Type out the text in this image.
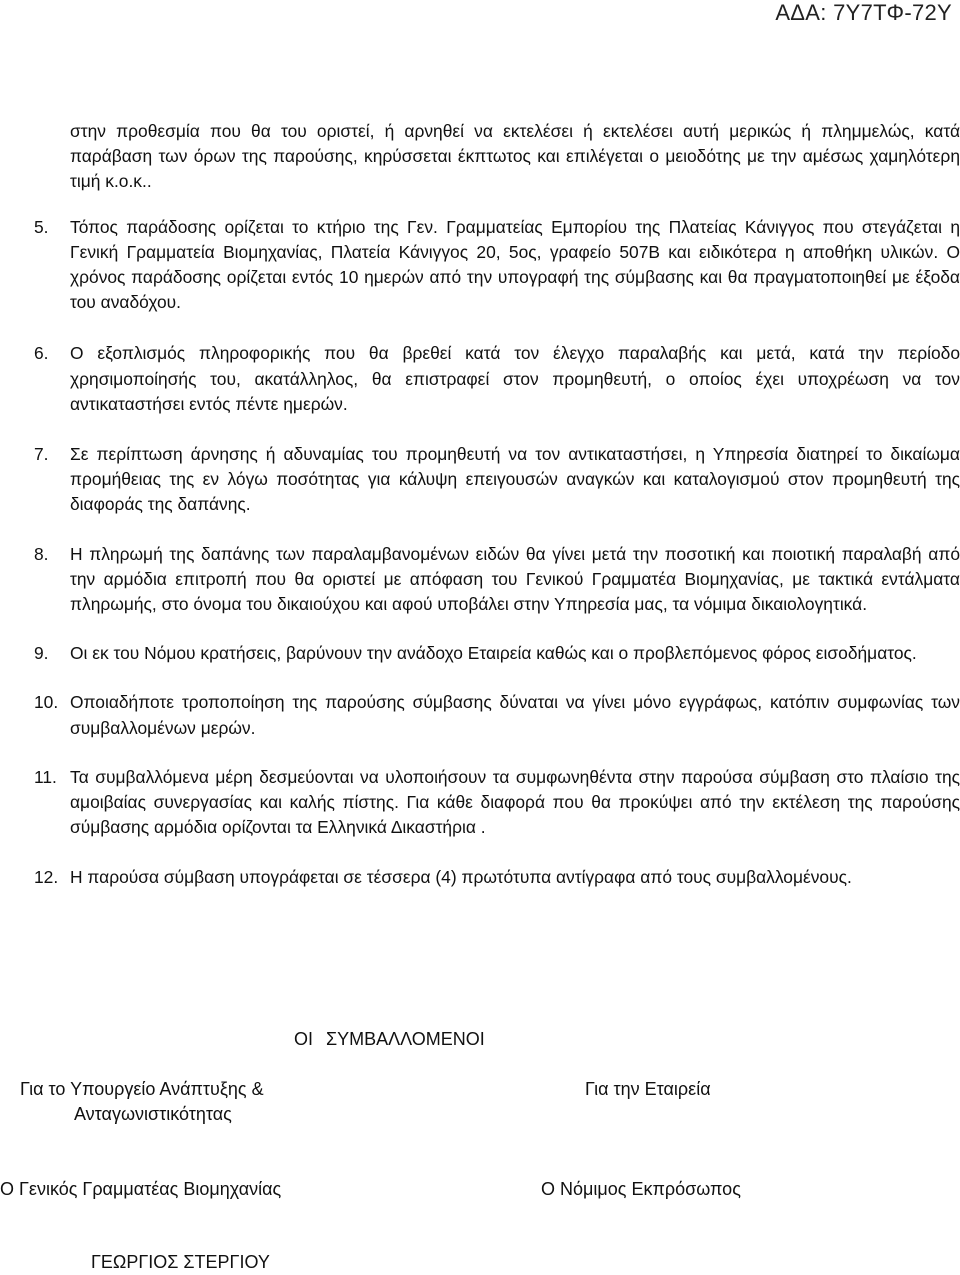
ΑΔΑ: 7Υ7ΤΦ-72Υ

στην προθεσμία που θα του οριστεί, ή αρνηθεί να εκτελέσει ή εκτελέσει αυτή μερικώς ή πλημμελώς, κατά παράβαση των όρων της παρούσης, κηρύσσεται έκπτωτος και επιλέγεται ο μειοδότης με την αμέσως χαμηλότερη τιμή κ.ο.κ..

5. Τόπος παράδοσης ορίζεται το κτήριο της Γεν. Γραμματείας Εμπορίου της Πλατείας Κάνιγγος που στεγάζεται η Γενική Γραμματεία Βιομηχανίας, Πλατεία Κάνιγγος 20, 5ος, γραφείο 507Β και ειδικότερα η αποθήκη υλικών. Ο χρόνος παράδοσης ορίζεται εντός 10 ημερών από την υπογραφή της σύμβασης και θα πραγματοποιηθεί με έξοδα του αναδόχου.
6. Ο εξοπλισμός πληροφορικής που θα βρεθεί κατά τον έλεγχο παραλαβής και μετά, κατά την περίοδο χρησιμοποίησής του, ακατάλληλος, θα επιστραφεί στον προμηθευτή, ο οποίος έχει υποχρέωση να τον αντικαταστήσει εντός πέντε ημερών.
7. Σε περίπτωση άρνησης ή αδυναμίας του προμηθευτή να τον αντικαταστήσει, η Υπηρεσία διατηρεί το δικαίωμα προμήθειας της εν λόγω ποσότητας για κάλυψη επειγουσών αναγκών και καταλογισμού στον προμηθευτή της διαφοράς της δαπάνης.
8. Η πληρωμή της δαπάνης των παραλαμβανομένων ειδών θα γίνει μετά την ποσοτική και ποιοτική παραλαβή από την αρμόδια επιτροπή που θα οριστεί με απόφαση του Γενικού Γραμματέα Βιομηχανίας, με τακτικά εντάλματα πληρωμής, στο όνομα του δικαιούχου και αφού υποβάλει στην Υπηρεσία μας, τα νόμιμα δικαιολογητικά.
9. Οι εκ του Νόμου κρατήσεις, βαρύνουν την ανάδοχο Εταιρεία καθώς και ο προβλεπόμενος φόρος εισοδήματος.
10. Οποιαδήποτε τροποποίηση της παρούσης σύμβασης δύναται να γίνει μόνο εγγράφως, κατόπιν συμφωνίας των συμβαλλομένων μερών.
11. Τα συμβαλλόμενα μέρη δεσμεύονται να υλοποιήσουν τα συμφωνηθέντα στην παρούσα σύμβαση στο πλαίσιο της αμοιβαίας συνεργασίας και καλής πίστης. Για κάθε διαφορά που θα προκύψει από την εκτέλεση της παρούσης σύμβασης αρμόδια ορίζονται τα Ελληνικά Δικαστήρια .
12. Η παρούσα σύμβαση υπογράφεται σε τέσσερα (4) πρωτότυπα αντίγραφα από τους συμβαλλομένους.
ΟΙ ΣΥΜΒΑΛΛΟΜΕΝΟΙ
Για το Υπουργείο Ανάπτυξης &
Ανταγωνιστικότητας
Για την Εταιρεία
Ο Γενικός Γραμματέας Βιομηχανίας	Ο Νόμιμος Εκπρόσωπος
ΓΕΩΡΓΙΟΣ ΣΤΕΡΓΙΟΥ
